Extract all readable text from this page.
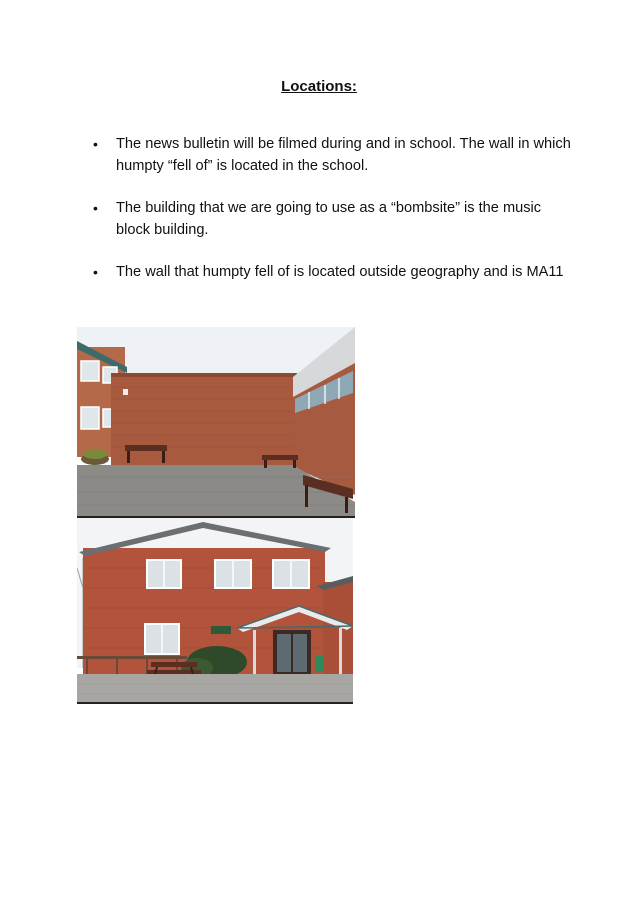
Locations:
• The news bulletin will be filmed during and in school. The wall in which humpty “fell of” is located in the school.
• The building that we are going to use as a “bombsite” is the music block building.
• The wall that humpty fell of is located outside geography and is MA11
